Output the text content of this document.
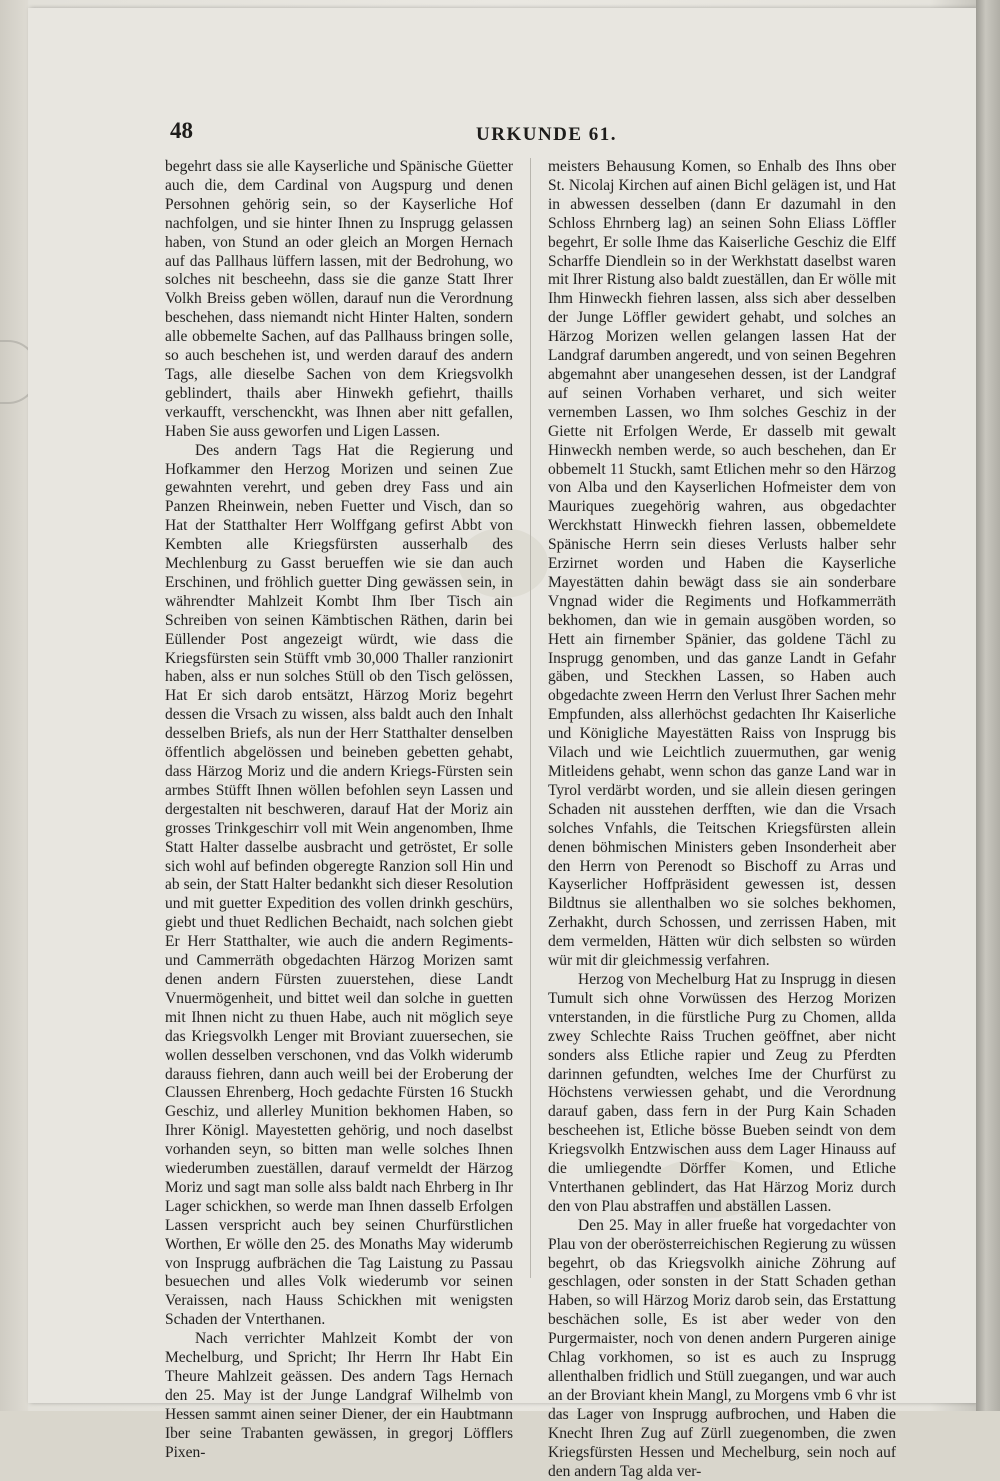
48	URKUNDE 61.

begehrt dass sie alle Kayserliche und Spänische Güetter auch die, dem Cardinal von Augspurg und denen Persohnen gehörig sein, so der Kayserliche Hof nachfolgen, und sie hinter Ihnen zu Insprugg gelassen haben, von Stund an oder gleich an Morgen Hernach auf das Pallhaus lüffern lassen, mit der Bedrohung, wo solches nit bescheehn, dass sie die ganze Statt Ihrer Volkh Breiss geben wöllen, darauf nun die Verordnung beschehen, dass niemandt nicht Hinter Halten, sondern alle obbemelte Sachen, auf das Pallhauss bringen solle, so auch beschehen ist, und werden darauf des andern Tags, alle dieselbe Sachen von dem Kriegsvolkh geblindert, thails aber Hinwekh gefiehrt, thaills verkaufft, verschenckht, was Ihnen aber nitt gefallen, Haben Sie auss geworfen und Ligen Lassen.

Des andern Tags Hat die Regierung und Hofkammer den Herzog Morizen und seinen Zue gewahnten verehrt, und geben drey Fass und ain Panzen Rheinwein, neben Fuetter und Visch, dan so Hat der Statthalter Herr Wolffgang gefirst Abbt von Kembten alle Kriegsfürsten ausserhalb des Mechlenburg zu Gasst berueffen wie sie dan auch Erschinen, und fröhlich guetter Ding gewässen sein, in währendter Mahlzeit Kombt Ihm Iber Tisch ain Schreiben von seinen Kämbtischen Räthen, darin bei Eüllender Post angezeigt würdt, wie dass die Kriegsfürsten sein Stüfft vmb 30,000 Thaller ranzionirt haben, alss er nun solches Stüll ob den Tisch gelössen, Hat Er sich darob entsätzt, Härzog Moriz begehrt dessen die Vrsach zu wissen, alss baldt auch den Inhalt desselben Briefs, als nun der Herr Statthalter denselben öffentlich abgelössen und beineben gebetten gehabt, dass Härzog Moriz und die andern Kriegs-Fürsten sein armbes Stüfft Ihnen wöllen befohlen seyn Lassen und dergestalten nit beschweren, darauf Hat der Moriz ain grosses Trinkgeschirr voll mit Wein angenomben, Ihme Statt Halter dasselbe ausbracht und getröstet, Er solle sich wohl auf befinden obgeregte Ranzion soll Hin und ab sein, der Statt Halter bedankht sich dieser Resolution und mit guetter Expedition des vollen drinkh geschürs, giebt und thuet Redlichen Bechaidt, nach solchen giebt Er Herr Statthalter, wie auch die andern Regiments- und Cammerräth obgedachten Härzog Morizen samt denen andern Fürsten zuuerstehen, diese Landt Vnuermögenheit, und bittet weil dan solche in guetten mit Ihnen nicht zu thuen Habe, auch nit möglich seye das Kriegsvolkh Lenger mit Broviant zuuersechen, sie wollen desselben verschonen, vnd das Volkh widerumb darauss fiehren, dann auch weill bei der Eroberung der Claussen Ehrenberg, Hoch gedachte Fürsten 16 Stuckh Geschiz, und allerley Munition bekhomen Haben, so Ihrer Königl. Mayestetten gehörig, und noch daselbst vorhanden seyn, so bitten man welle solches Ihnen wiederumben zueställen, darauf vermeldt der Härzog Moriz und sagt man solle alss baldt nach Ehrberg in Ihr Lager schickhen, so werde man Ihnen dasselb Erfolgen Lassen verspricht auch bey seinen Churfürstlichen Worthen, Er wölle den 25. des Monaths May widerumb von Insprugg aufbrächen die Tag Laistung zu Passau besuechen und alles Volk wiederumb vor seinen Veraissen, nach Hauss Schickhen mit wenigsten Schaden der Vnterthanen.

Nach verrichter Mahlzeit Kombt der von Mechelburg, und Spricht; Ihr Herrn Ihr Habt Ein Theure Mahlzeit geässen. Des andern Tags Hernach den 25. May ist der Junge Landgraf Wilhelmb von Hessen sammt ainen seiner Diener, der ein Haubtmann Iber seine Trabanten gewässen, in gregorj Löfflers Pixen-

meisters Behausung Komen, so Enhalb des Ihns ober St. Nicolaj Kirchen auf ainen Bichl gelägen ist, und Hat in abwessen desselben (dann Er dazumahl in den Schloss Ehrnberg lag) an seinen Sohn Eliass Löffler begehrt, Er solle Ihme das Kaiserliche Geschiz die Elff Scharffe Diendlein so in der Werkhstatt daselbst waren mit Ihrer Ristung also baldt zueställen, dan Er wölle mit Ihm Hinweckh fiehren lassen, alss sich aber desselben der Junge Löffler gewidert gehabt, und solches an Härzog Morizen wellen gelangen lassen Hat der Landgraf darumben angeredt, und von seinen Begehren abgemahnt aber unangesehen dessen, ist der Landgraf auf seinen Vorhaben verharet, und sich weiter vernemben Lassen, wo Ihm solches Geschiz in der Giette nit Erfolgen Werde, Er dasselb mit gewalt Hinweckh nemben werde, so auch beschehen, dan Er obbemelt 11 Stuckh, samt Etlichen mehr so den Härzog von Alba und den Kayserlichen Hofmeister dem von Mauriques zuegehörig wahren, aus obgedachter Werckhstatt Hinweckh fiehren lassen, obbemeldete Spänische Herrn sein dieses Verlusts halber sehr Erzirnet worden und Haben die Kayserliche Mayestätten dahin bewägt dass sie ain sonderbare Vngnad wider die Regiments und Hofkammerräth bekhomen, dan wie in gemain ausgöben worden, so Hett ain firnember Spänier, das goldene Tächl zu Insprugg genomben, und das ganze Landt in Gefahr gäben, und Steckhen Lassen, so Haben auch obgedachte zween Herrn den Verlust Ihrer Sachen mehr Empfunden, alss allerhöchst gedachten Ihr Kaiserliche und Königliche Mayestätten Raiss von Insprugg bis Vilach und wie Leichtlich zuuermuthen, gar wenig Mitleidens gehabt, wenn schon das ganze Land war in Tyrol verdärbt worden, und sie allein diesen geringen Schaden nit ausstehen derfften, wie dan die Vrsach solches Vnfahls, die Teitschen Kriegsfürsten allein denen böhmischen Ministers geben Insonderheit aber den Herrn von Perenodt so Bischoff zu Arras und Kayserlicher Hoffpräsident gewessen ist, dessen Bildtnus sie allenthalben wo sie solches bekhomen, Zerhakht, durch Schossen, und zerrissen Haben, mit dem vermelden, Hätten wür dich selbsten so würden wür mit dir gleichmessig verfahren.

Herzog von Mechelburg Hat zu Insprugg in diesen Tumult sich ohne Vorwüssen des Herzog Morizen vnterstanden, in die fürstliche Purg zu Chomen, allda zwey Schlechte Raiss Truchen geöffnet, aber nicht sonders alss Etliche rapier und Zeug zu Pferdten darinnen gefundten, welches Ime der Churfürst zu Höchstens verwiessen gehabt, und die Verordnung darauf gaben, dass fern in der Purg Kain Schaden bescheehen ist, Etliche bösse Bueben seindt von dem Kriegsvolkh Entzwischen auss dem Lager Hinauss auf die umliegendte Dörffer Komen, und Etliche Vnterthanen geblindert, das Hat Härzog Moriz durch den von Plau abstraffen und abställen Lassen.

Den 25. May in aller frueße hat vorgedachter von Plau von der oberösterreichischen Regierung zu wüssen begehrt, ob das Kriegsvolkh ainiche Zöhrung auf geschlagen, oder sonsten in der Statt Schaden gethan Haben, so will Härzog Moriz darob sein, das Erstattung beschächen solle, Es ist aber weder von den Purgermaister, noch von denen andern Purgeren ainige Chlag vorkhomen, so ist es auch zu Insprugg allenthalben fridlich und Stüll zuegangen, und war auch an der Broviant khein Mangl, zu Morgens vmb 6 vhr ist das Lager von Insprugg aufbrochen, und Haben die Knecht Ihren Zug auf Zürll zuegenomben, die zwen Kriegsfürsten Hessen und Mechelburg, sein noch auf den andern Tag alda ver-
